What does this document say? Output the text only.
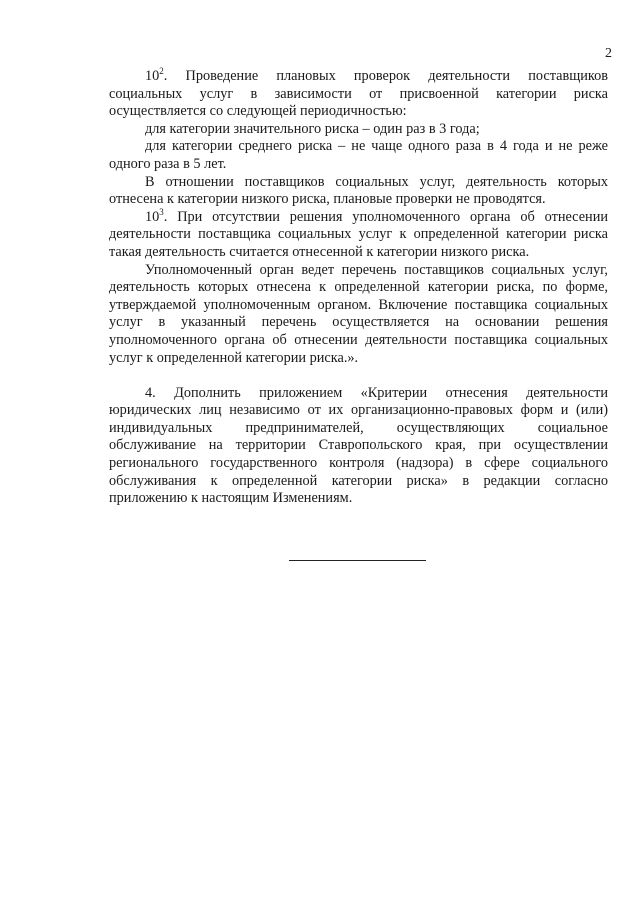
2

$10^2$. Проведение плановых проверок деятельности поставщиков социальных услуг в зависимости от присвоенной категории риска осуществляется со следующей периодичностью:

для категории значительного риска – один раз в 3 года;

для категории среднего риска – не чаще одного раза в 4 года и не реже одного раза в 5 лет.

В отношении поставщиков социальных услуг, деятельность которых отнесена к категории низкого риска, плановые проверки не проводятся.

$10^3$. При отсутствии решения уполномоченного органа об отнесении деятельности поставщика социальных услуг к определенной категории риска такая деятельность считается отнесенной к категории низкого риска.

Уполномоченный орган ведет перечень поставщиков социальных услуг, деятельность которых отнесена к определенной категории риска, по форме, утверждаемой уполномоченным органом. Включение поставщика социальных услуг в указанный перечень осуществляется на основании решения уполномоченного органа об отнесении деятельности поставщика социальных услуг к определенной категории риска.».

4. Дополнить приложением «Критерии отнесения деятельности юридических лиц независимо от их организационно-правовых форм и (или) индивидуальных предпринимателей, осуществляющих социальное обслуживание на территории Ставропольского края, при осуществлении регионального государственного контроля (надзора) в сфере социального обслуживания к определенной категории риска» в редакции согласно приложению к настоящим Изменениям.
